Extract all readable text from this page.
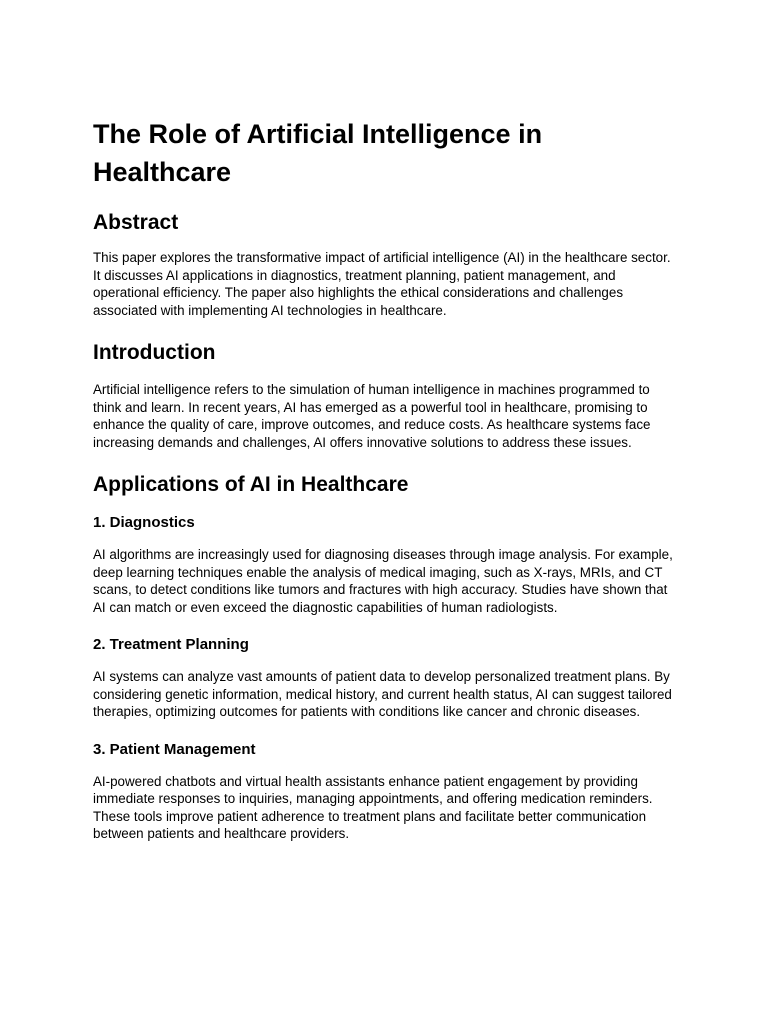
The Role of Artificial Intelligence in Healthcare
Abstract

This paper explores the transformative impact of artificial intelligence (AI) in the healthcare sector. It discusses AI applications in diagnostics, treatment planning, patient management, and operational efficiency. The paper also highlights the ethical considerations and challenges associated with implementing AI technologies in healthcare.

Introduction

Artificial intelligence refers to the simulation of human intelligence in machines programmed to think and learn. In recent years, AI has emerged as a powerful tool in healthcare, promising to enhance the quality of care, improve outcomes, and reduce costs. As healthcare systems face increasing demands and challenges, AI offers innovative solutions to address these issues.

Applications of AI in Healthcare
1. Diagnostics

AI algorithms are increasingly used for diagnosing diseases through image analysis. For example, deep learning techniques enable the analysis of medical imaging, such as X-rays, MRIs, and CT scans, to detect conditions like tumors and fractures with high accuracy. Studies have shown that AI can match or even exceed the diagnostic capabilities of human radiologists.

2. Treatment Planning

AI systems can analyze vast amounts of patient data to develop personalized treatment plans. By considering genetic information, medical history, and current health status, AI can suggest tailored therapies, optimizing outcomes for patients with conditions like cancer and chronic diseases.

3. Patient Management

AI-powered chatbots and virtual health assistants enhance patient engagement by providing immediate responses to inquiries, managing appointments, and offering medication reminders. These tools improve patient adherence to treatment plans and facilitate better communication between patients and healthcare providers.
